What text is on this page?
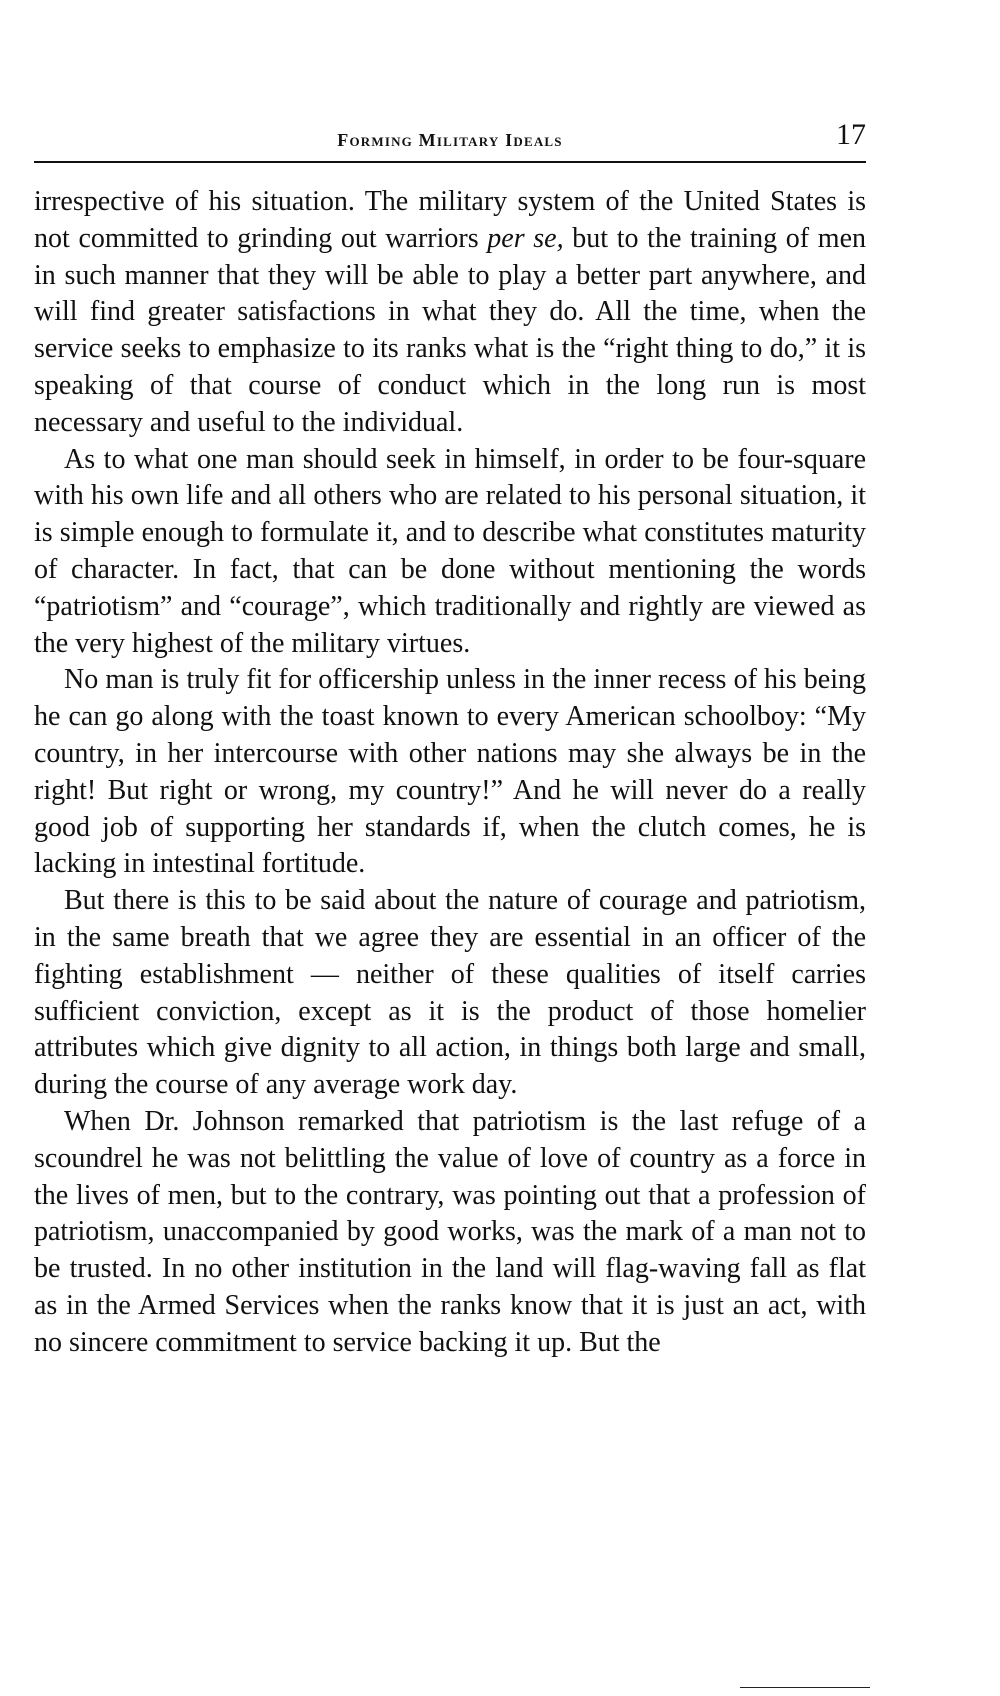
Forming Military Ideals	17

irrespective of his situation. The military system of the United States is not committed to grinding out warriors per se, but to the training of men in such manner that they will be able to play a better part anywhere, and will find greater satisfactions in what they do. All the time, when the service seeks to emphasize to its ranks what is the “right thing to do,” it is speaking of that course of conduct which in the long run is most necessary and useful to the individual.

As to what one man should seek in himself, in order to be four-square with his own life and all others who are related to his personal situation, it is simple enough to formulate it, and to describe what constitutes maturity of character. In fact, that can be done without mentioning the words “patriotism” and “courage”, which traditionally and rightly are viewed as the very highest of the military virtues.

No man is truly fit for officership unless in the inner recess of his being he can go along with the toast known to every American schoolboy: “My country, in her intercourse with other nations may she always be in the right! But right or wrong, my country!” And he will never do a really good job of supporting her standards if, when the clutch comes, he is lacking in intestinal fortitude.

But there is this to be said about the nature of courage and patriotism, in the same breath that we agree they are essential in an officer of the fighting establishment — neither of these qualities of itself carries sufficient conviction, except as it is the product of those homelier attributes which give dignity to all action, in things both large and small, during the course of any average work day.

When Dr. Johnson remarked that patriotism is the last refuge of a scoundrel he was not belittling the value of love of country as a force in the lives of men, but to the contrary, was pointing out that a profession of patriotism, unaccompanied by good works, was the mark of a man not to be trusted. In no other institution in the land will flag-waving fall as flat as in the Armed Services when the ranks know that it is just an act, with no sincere commitment to service backing it up. But the
